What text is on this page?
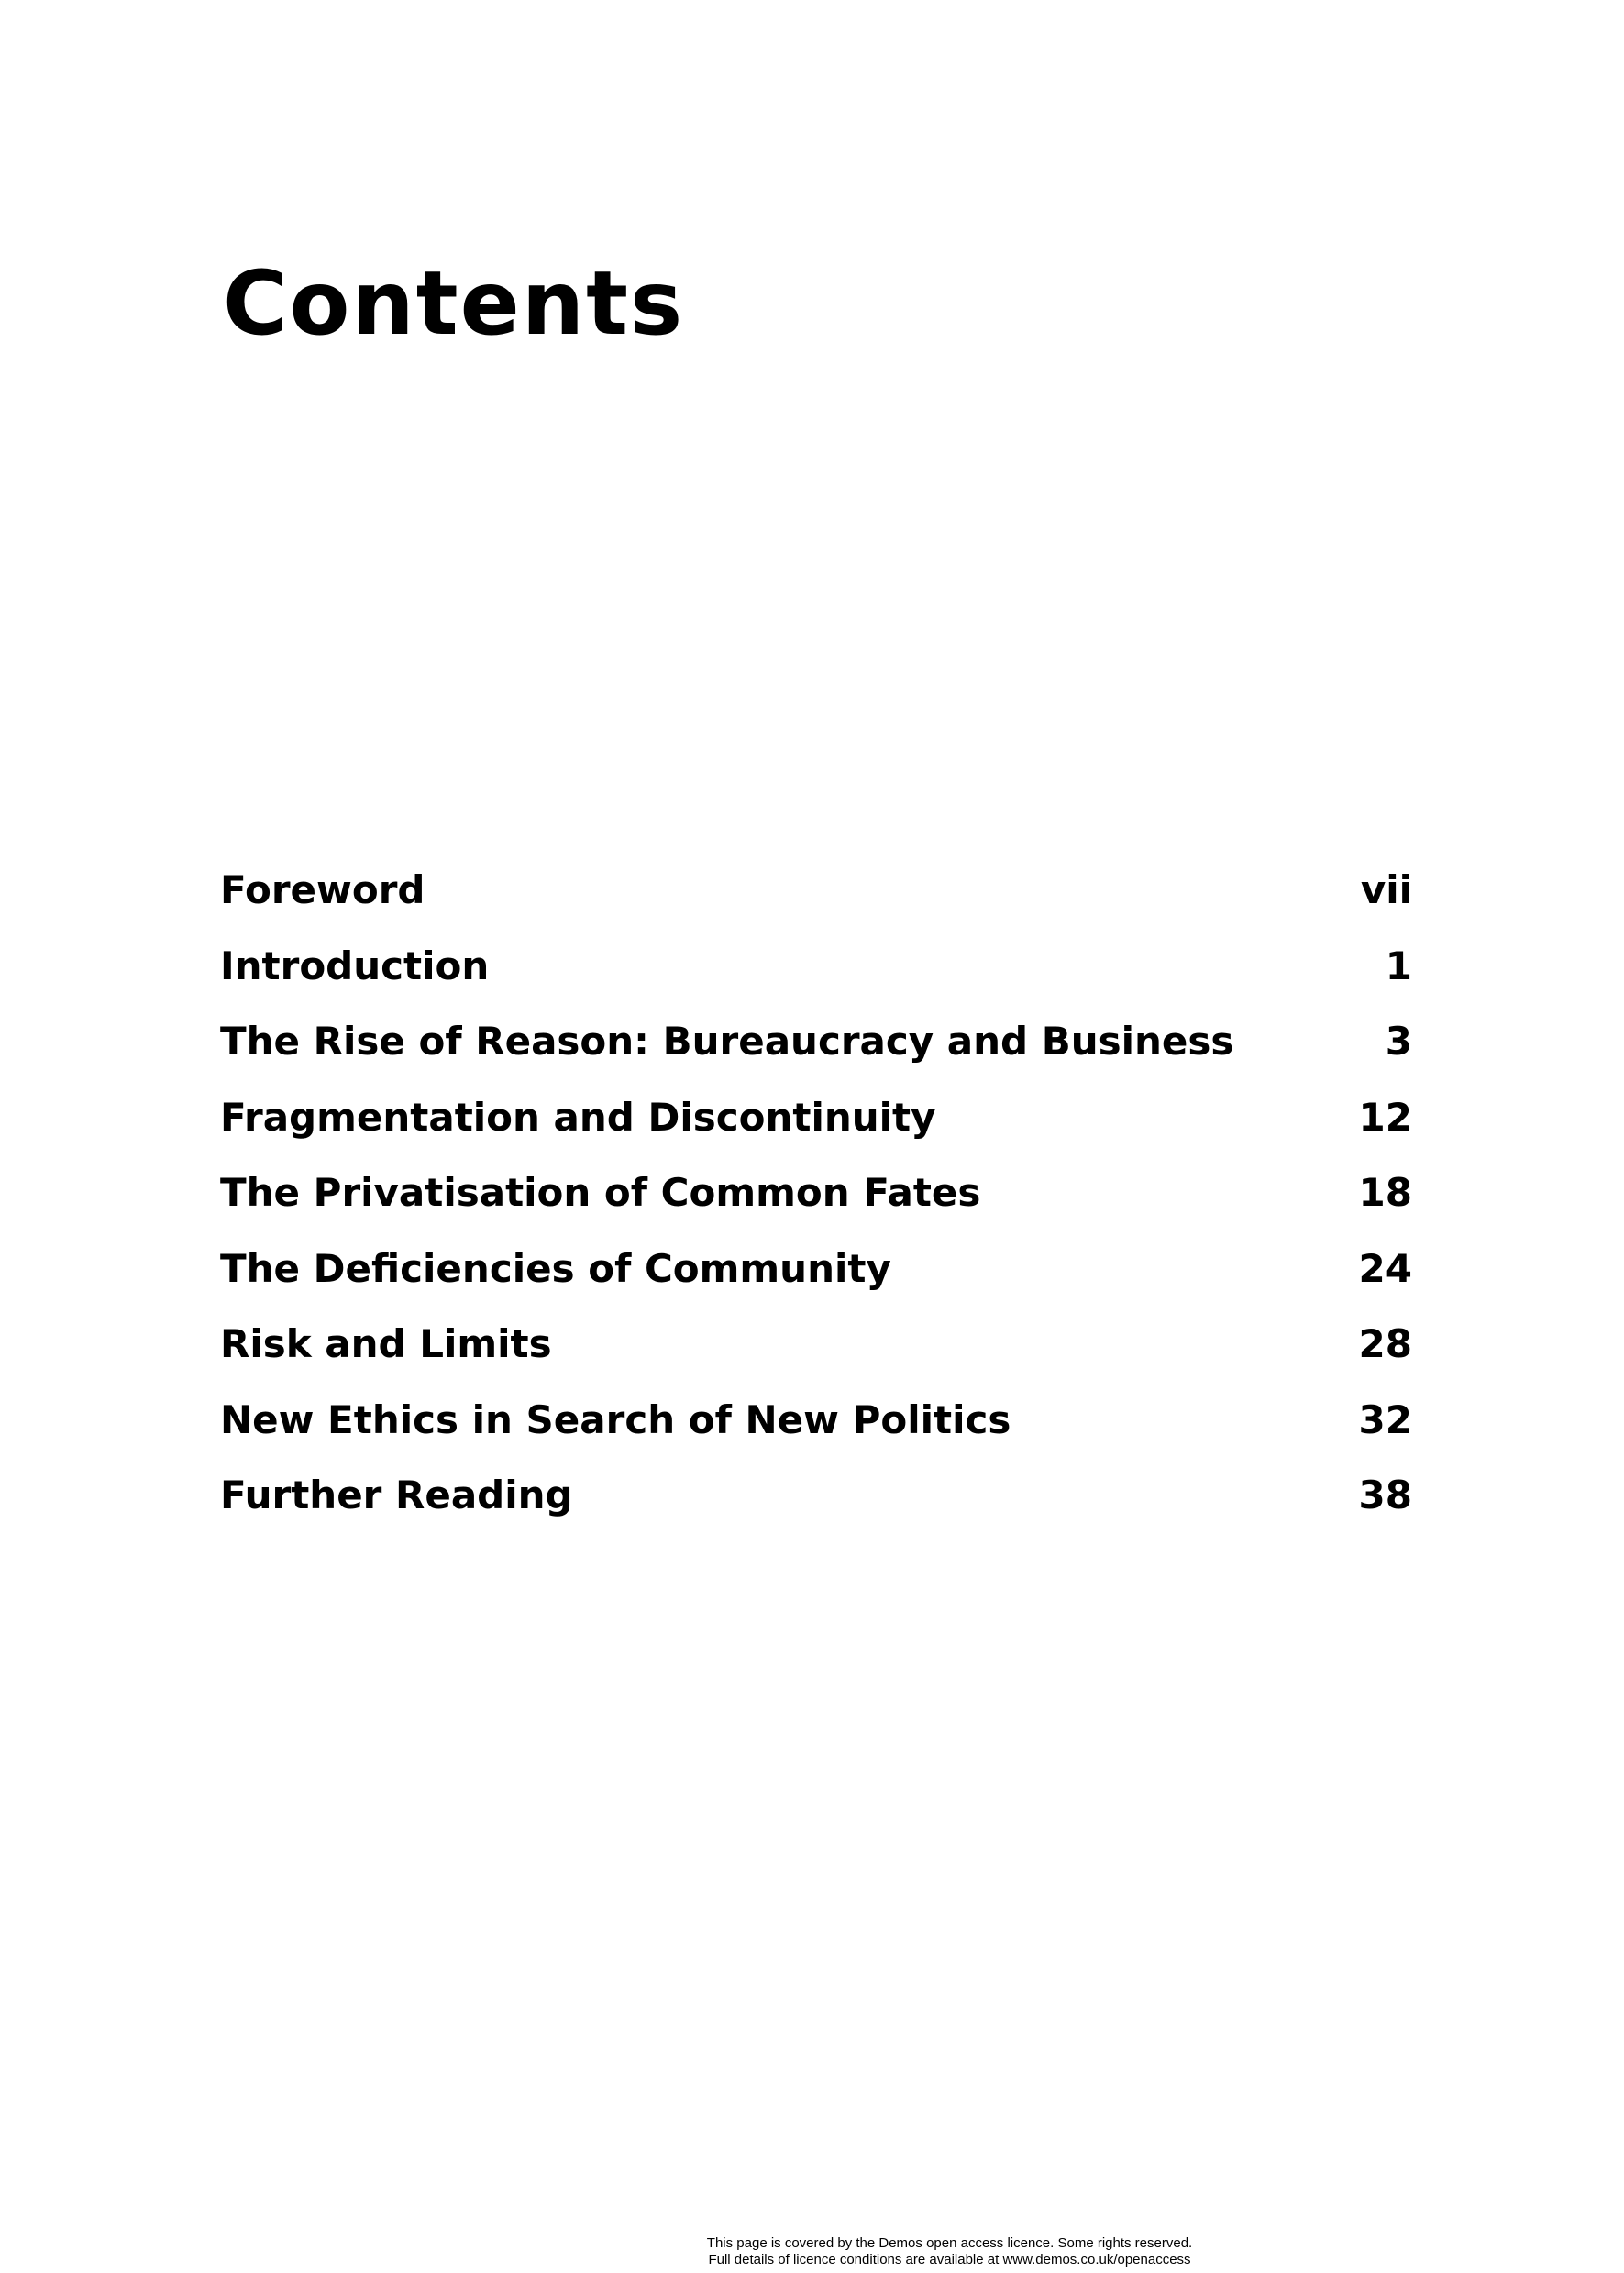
Contents
Foreword	vii
Introduction	1
The Rise of Reason: Bureaucracy and Business	3
Fragmentation and Discontinuity	12
The Privatisation of Common Fates	18
The Deficiencies of Community	24
Risk and Limits	28
New Ethics in Search of New Politics	32
Further Reading	38
This page is covered by the Demos open access licence. Some rights reserved.
Full details of licence conditions are available at www.demos.co.uk/openaccess
